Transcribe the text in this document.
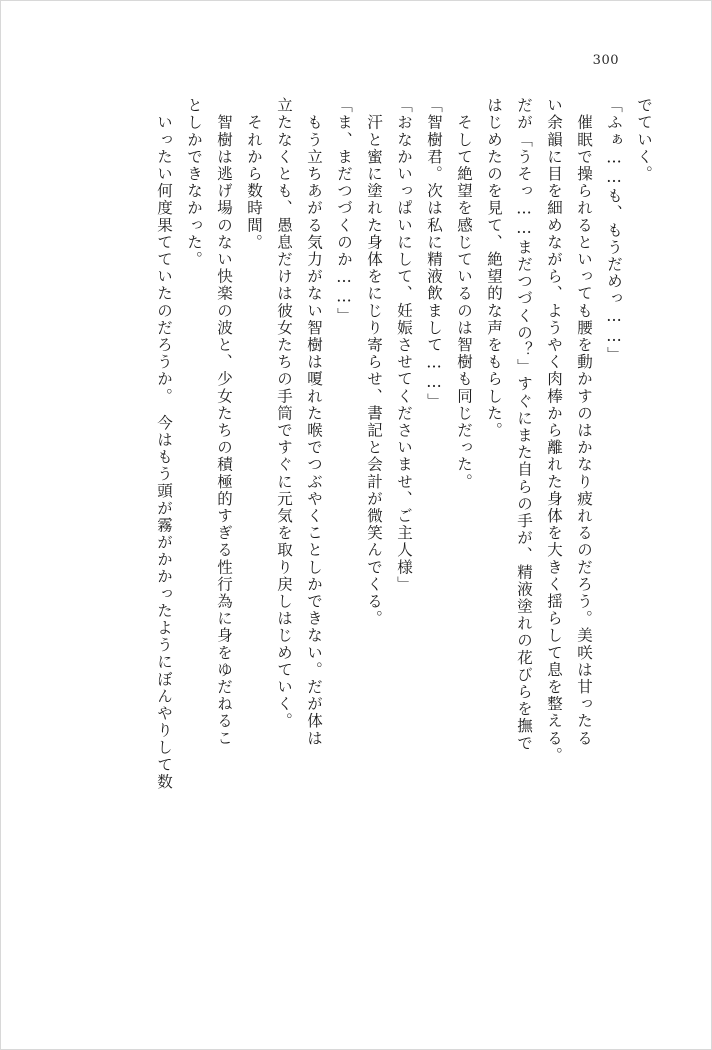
300
でていく。
「ふぁ……も、もうだめっ……」
　催眠で操られるといっても腰を動かすのはかなり疲れるのだろう。美咲は甘ったる
い余韻に目を細めながら、ようやく肉棒から離れた身体を大きく揺らして息を整える。
だが「うそっ……まだつづくの？」すぐにまた自らの手が、精液塗れの花びらを撫で
はじめたのを見て、絶望的な声をもらした。
　そして絶望を感じているのは智樹も同じだった。
「智樹君。次は私に精液飲まして……」
「おなかいっぱいにして、妊娠させてくださいませ、ご主人様」
　汗と蜜に塗れた身体をにじり寄らせ、書記と会計が微笑んでくる。
「ま、まだつづくのか……」
　もう立ちあがる気力がない智樹は嗄れた喉でつぶやくことしかできない。だが体は
立たなくとも、愚息だけは彼女たちの手筒ですぐに元気を取り戻しはじめていく。
　それから数時間。
　智樹は逃げ場のない快楽の波と、少女たちの積極的すぎる性行為に身をゆだねるこ
としかできなかった。
　いったい何度果てていたのだろうか。　今はもう頭が霧がかかったようにぼんやりして数
